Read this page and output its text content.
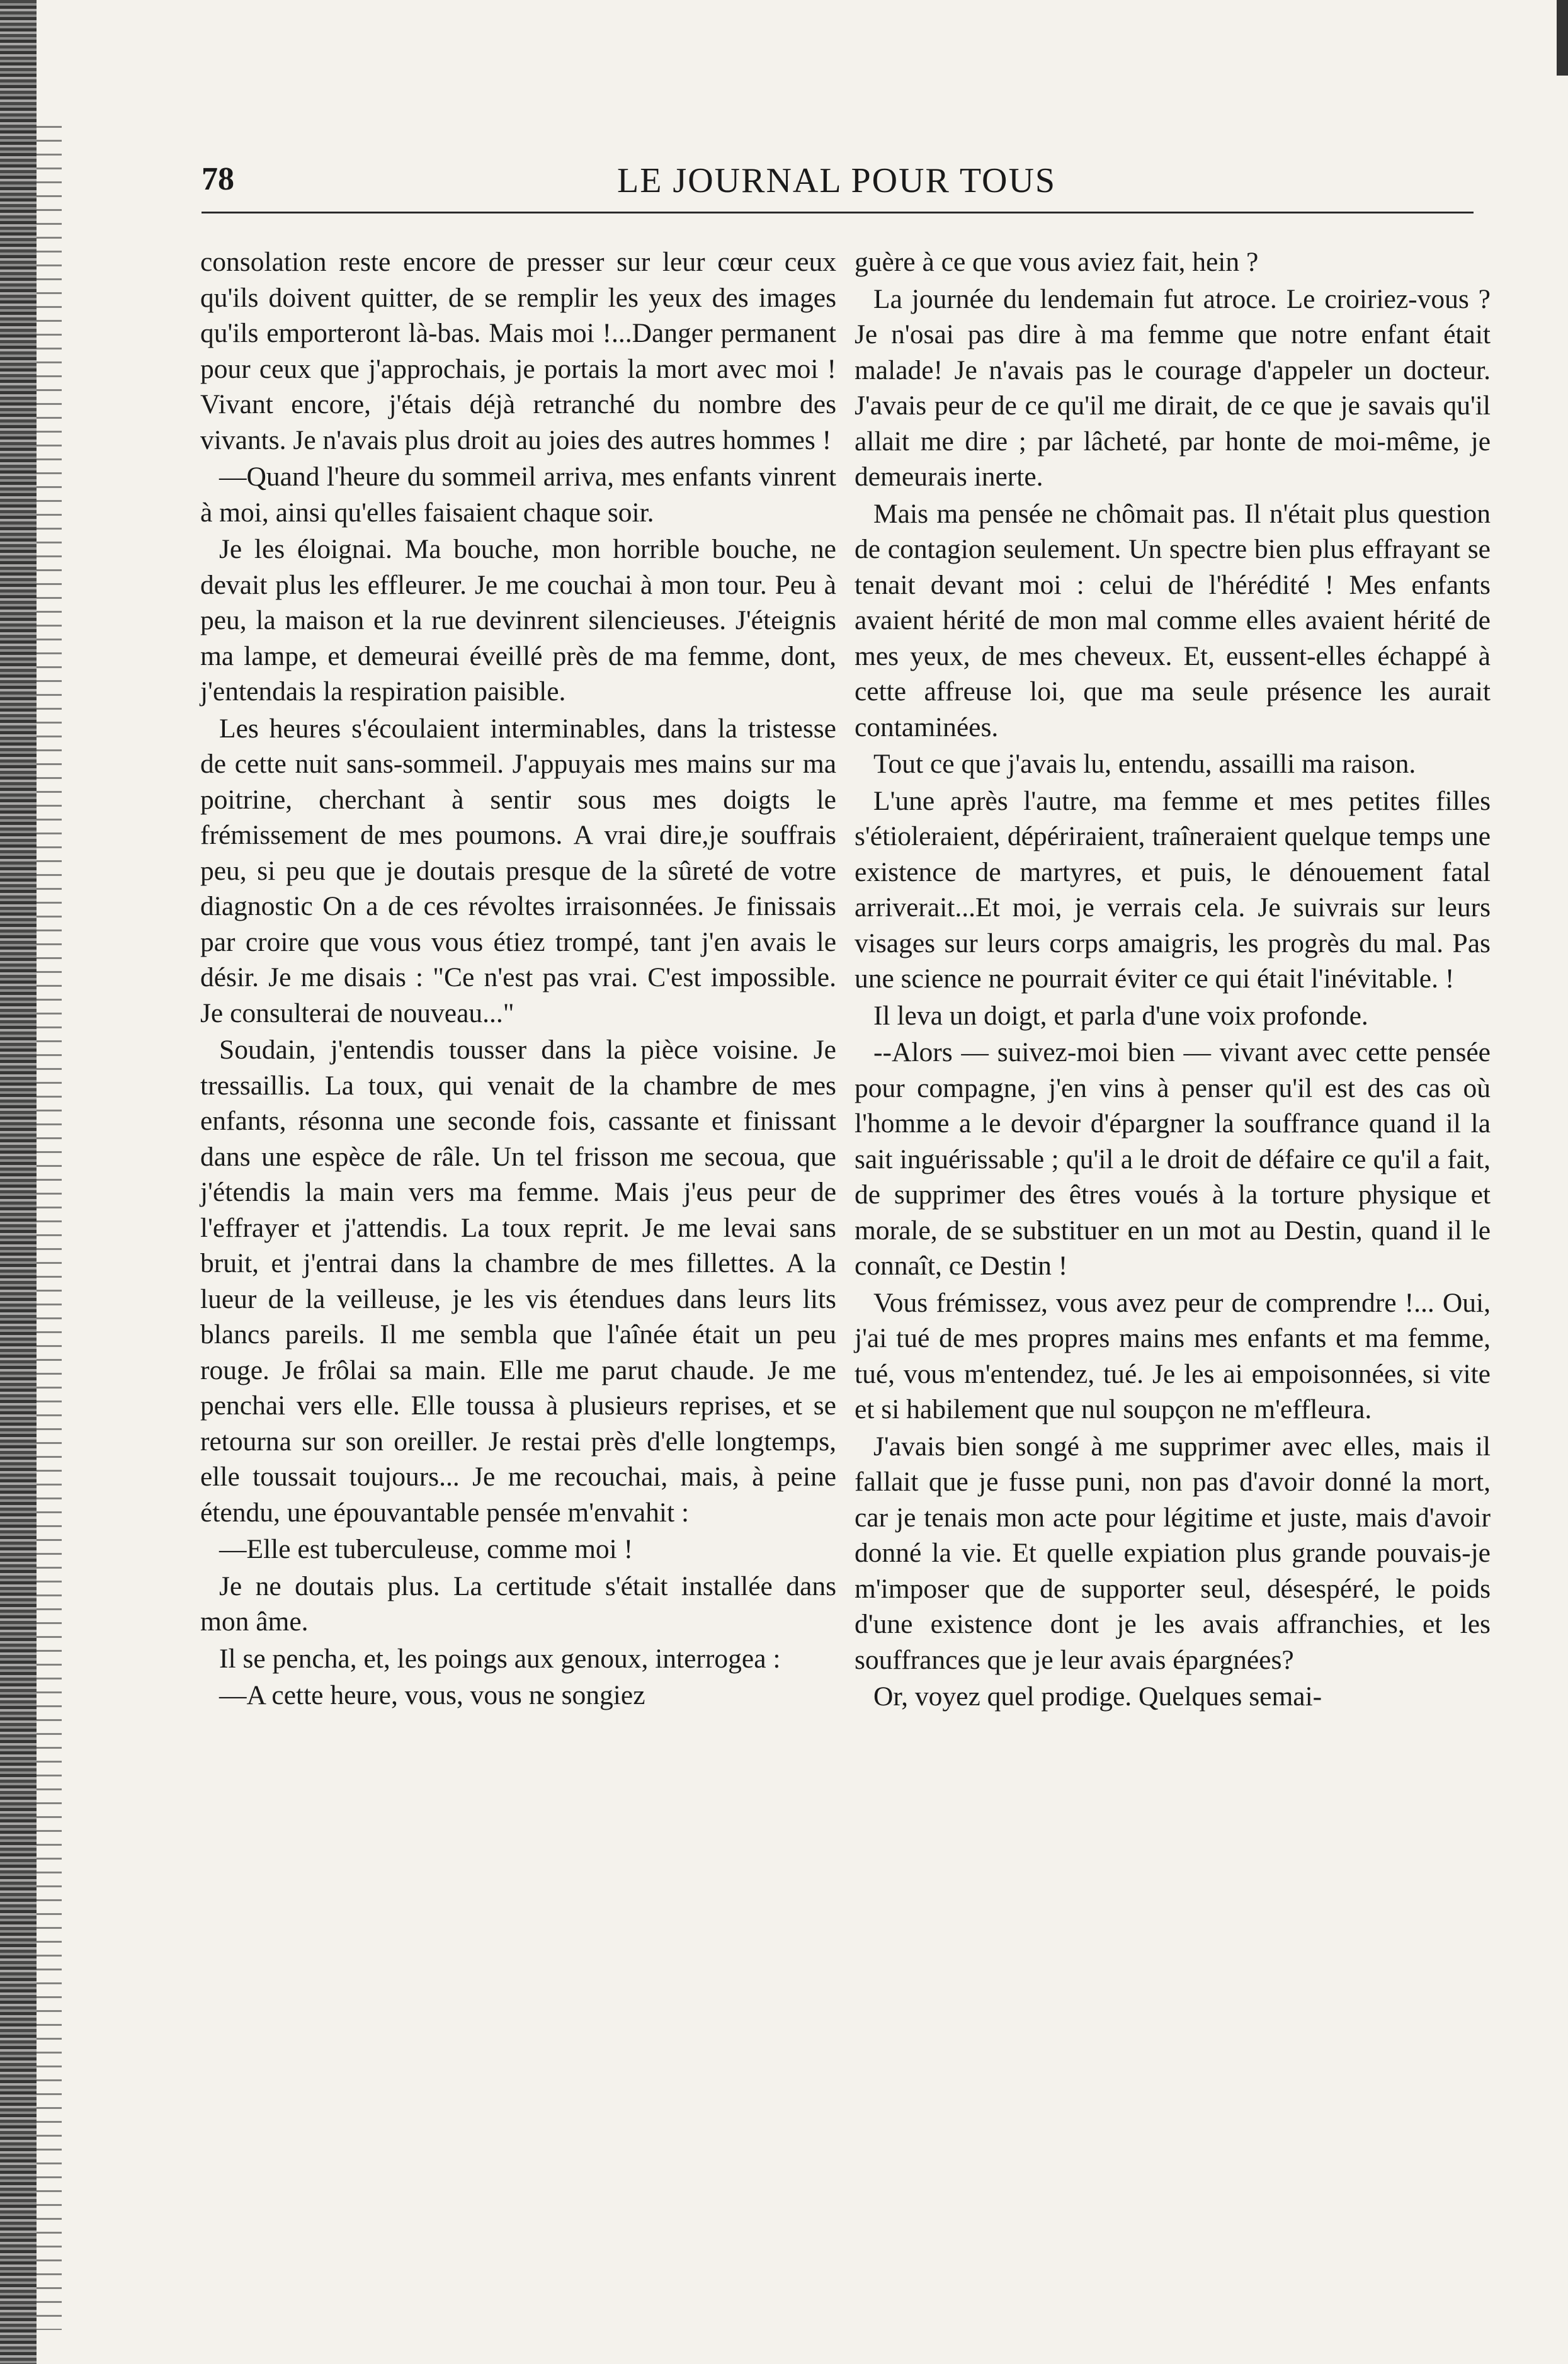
78	LE JOURNAL POUR TOUS

consolation reste encore de presser sur leur cœur ceux qu'ils doivent quitter, de se remplir les yeux des images qu'ils emporteront là-bas. Mais moi !...Danger permanent pour ceux que j'approchais, je portais la mort avec moi ! Vivant encore, j'étais déjà retranché du nombre des vivants. Je n'avais plus droit au joies des autres hommes !

—Quand l'heure du sommeil arriva, mes enfants vinrent à moi, ainsi qu'elles faisaient chaque soir.

Je les éloignai. Ma bouche, mon horrible bouche, ne devait plus les effleurer. Je me couchai à mon tour. Peu à peu, la maison et la rue devinrent silencieuses. J'éteignis ma lampe, et demeurai éveillé près de ma femme, dont, j'entendais la respiration paisible.

Les heures s'écoulaient interminables, dans la tristesse de cette nuit sans-sommeil. J'appuyais mes mains sur ma poitrine, cherchant à sentir sous mes doigts le frémissement de mes poumons. A vrai dire,je souffrais peu, si peu que je doutais presque de la sûreté de votre diagnostic On a de ces révoltes irraisonnées. Je finissais par croire que vous vous étiez trompé, tant j'en avais le désir. Je me disais : "Ce n'est pas vrai. C'est impossible. Je consulterai de nouveau..."

Soudain, j'entendis tousser dans la pièce voisine. Je tressaillis. La toux, qui venait de la chambre de mes enfants, résonna une seconde fois, cassante et finissant dans une espèce de râle. Un tel frisson me secoua, que j'étendis la main vers ma femme. Mais j'eus peur de l'effrayer et j'attendis. La toux reprit. Je me levai sans bruit, et j'entrai dans la chambre de mes fillettes. A la lueur de la veilleuse, je les vis étendues dans leurs lits blancs pareils. Il me sembla que l'aînée était un peu rouge. Je frôlai sa main. Elle me parut chaude. Je me penchai vers elle. Elle toussa à plusieurs reprises, et se retourna sur son oreiller. Je restai près d'elle longtemps, elle toussait toujours... Je me recouchai, mais, à peine étendu, une épouvantable pensée m'envahit :

—Elle est tuberculeuse, comme moi !

Je ne doutais plus. La certitude s'était installée dans mon âme.

Il se pencha, et, les poings aux genoux, interrogea :

—A cette heure, vous, vous ne songiez

guère à ce que vous aviez fait, hein ?

La journée du lendemain fut atroce. Le croiriez-vous ? Je n'osai pas dire à ma femme que notre enfant était malade! Je n'avais pas le courage d'appeler un docteur. J'avais peur de ce qu'il me dirait, de ce que je savais qu'il allait me dire ; par lâcheté, par honte de moi-même, je demeurais inerte.

Mais ma pensée ne chômait pas. Il n'était plus question de contagion seulement. Un spectre bien plus effrayant se tenait devant moi : celui de l'hérédité ! Mes enfants avaient hérité de mon mal comme elles avaient hérité de mes yeux, de mes cheveux. Et, eussent-elles échappé à cette affreuse loi, que ma seule présence les aurait contaminées.

Tout ce que j'avais lu, entendu, assailli ma raison.

L'une après l'autre, ma femme et mes petites filles s'étioleraient, dépériraient, traîneraient quelque temps une existence de martyres, et puis, le dénouement fatal arriverait...Et moi, je verrais cela. Je suivrais sur leurs visages sur leurs corps amaigris, les progrès du mal. Pas une science ne pourrait éviter ce qui était l'inévitable. !

Il leva un doigt, et parla d'une voix profonde.

--Alors — suivez-moi bien — vivant avec cette pensée pour compagne, j'en vins à penser qu'il est des cas où l'homme a le devoir d'épargner la souffrance quand il la sait inguérissable ; qu'il a le droit de défaire ce qu'il a fait, de supprimer des êtres voués à la torture physique et morale, de se substituer en un mot au Destin, quand il le connaît, ce Destin !

Vous frémissez, vous avez peur de comprendre !... Oui, j'ai tué de mes propres mains mes enfants et ma femme, tué, vous m'entendez, tué. Je les ai empoisonnées, si vite et si habilement que nul soupçon ne m'effleura.

J'avais bien songé à me supprimer avec elles, mais il fallait que je fusse puni, non pas d'avoir donné la mort, car je tenais mon acte pour légitime et juste, mais d'avoir donné la vie. Et quelle expiation plus grande pouvais-je m'imposer que de supporter seul, désespéré, le poids d'une existence dont je les avais affranchies, et les souffrances que je leur avais épargnées?

Or, voyez quel prodige. Quelques semai-
